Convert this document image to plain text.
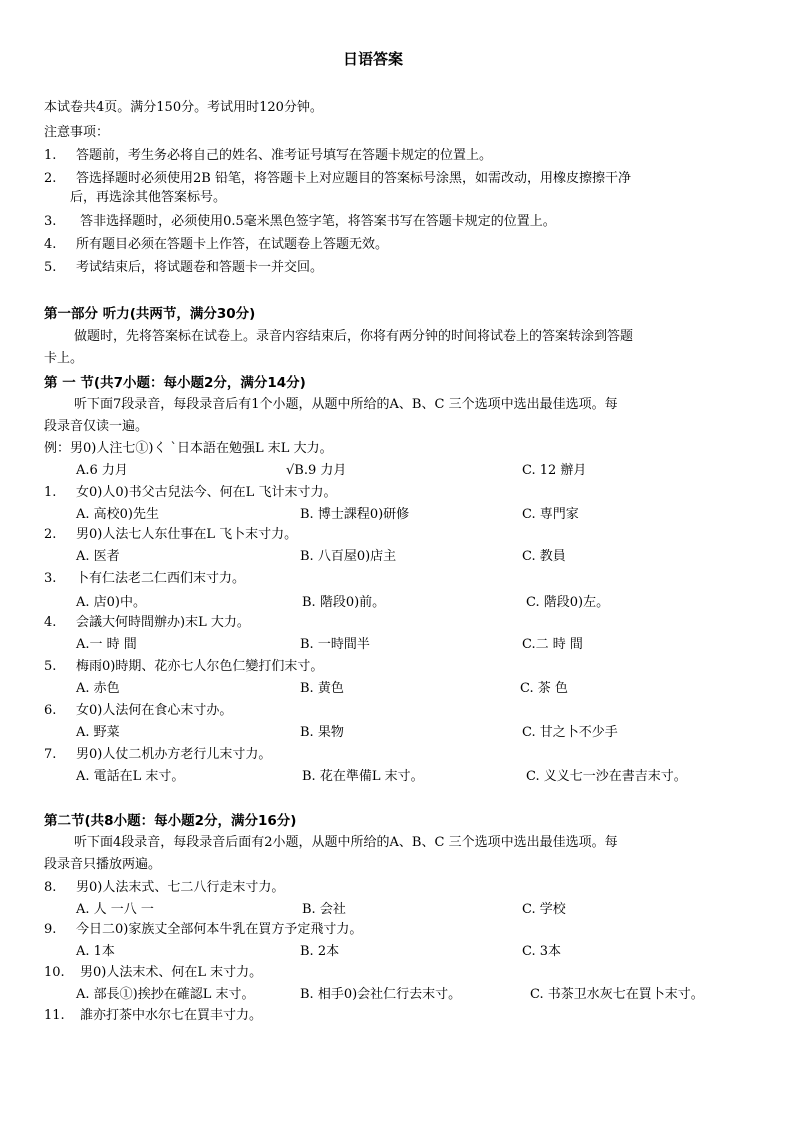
日语答案
本试卷共4页。满分150分。考试用时120分钟。
注意事项：
1. 答题前，考生务必将自己的姓名、准考证号填写在答题卡规定的位置上。
2. 答选择题时必须使用2B 铅笔，将答题卡上对应题目的答案标号涂黑，如需改动，用橡皮擦擦干净
后，再选涂其他答案标号。
3. 答非选择题时，必须使用0.5毫米黑色签字笔，将答案书写在答题卡规定的位置上。
4. 所有题目必须在答题卡上作答，在试题卷上答题无效。
5. 考试结束后，将试题卷和答题卡一并交回。
第一部分 听力(共两节，满分30分)
做题时，先将答案标在试卷上。录音内容结束后，你将有两分钟的时间将试卷上的答案转涂到答题
卡上。
第 一 节(共7小题：每小题2分，满分14分)
听下面7段录音，每段录音后有1个小题，从题中所给的A、B、C 三个选项中选出最佳选项。每
段录音仅读一遍。
例：男0)人注七①)く `日本語在勉强L 末L 大力。
A.6 力月	√B.9 力月	C. 12 辦月
1. 女0)人0)书父古兒法今、何在L 飞计末寸力。
A. 高校0)先生	B. 博士課程0)研修	C. 専門家
2. 男0)人法七人东仕事在L 飞卜末寸力。
A. 医者	B. 八百屋0)店主	C. 教員
3. 卜有仁法老二仁西们末寸力。
A. 店0)中。	B. 階段0)前。	C. 階段0)左。
4. 会議大何時間辦办)末L 大力。
A.一 時 間	B. 一時間半	C.二 時 間
5. 梅雨0)時期、花亦七人尔色仁變打们末寸。
A. 赤色	B. 黄色	C. 茶 色
6. 女0)人法何在食心末寸办。
A. 野菜	B. 果物	C. 甘之卜不少手
7. 男0)人仗二机办方老行儿末寸力。
A. 電話在L 末寸。	B. 花在準備L 末寸。	C. 义义七一沙在書吉末寸。
第二节(共8小题：每小题2分，满分16分)
听下面4段录音，每段录音后面有2小题，从题中所给的A、B、C 三个选项中选出最佳选项。每
段录音只播放两遍。
8. 男0)人法末式、七二八行走末寸力。
A. 人 一八 一	B. 会社	C. 学校
9. 今日二0)家族丈全部何本牛乳在買方予定飛寸力。
A. 1本	B. 2本	C. 3本
10. 男0)人法末术、何在L 末寸力。
A. 部長①)挨抄在確認L 末寸。	B. 相手0)会社仁行去末寸。	C. 书茶卫水灰七在買卜末寸。
11. 誰亦打茶中水尔七在買丰寸力。
